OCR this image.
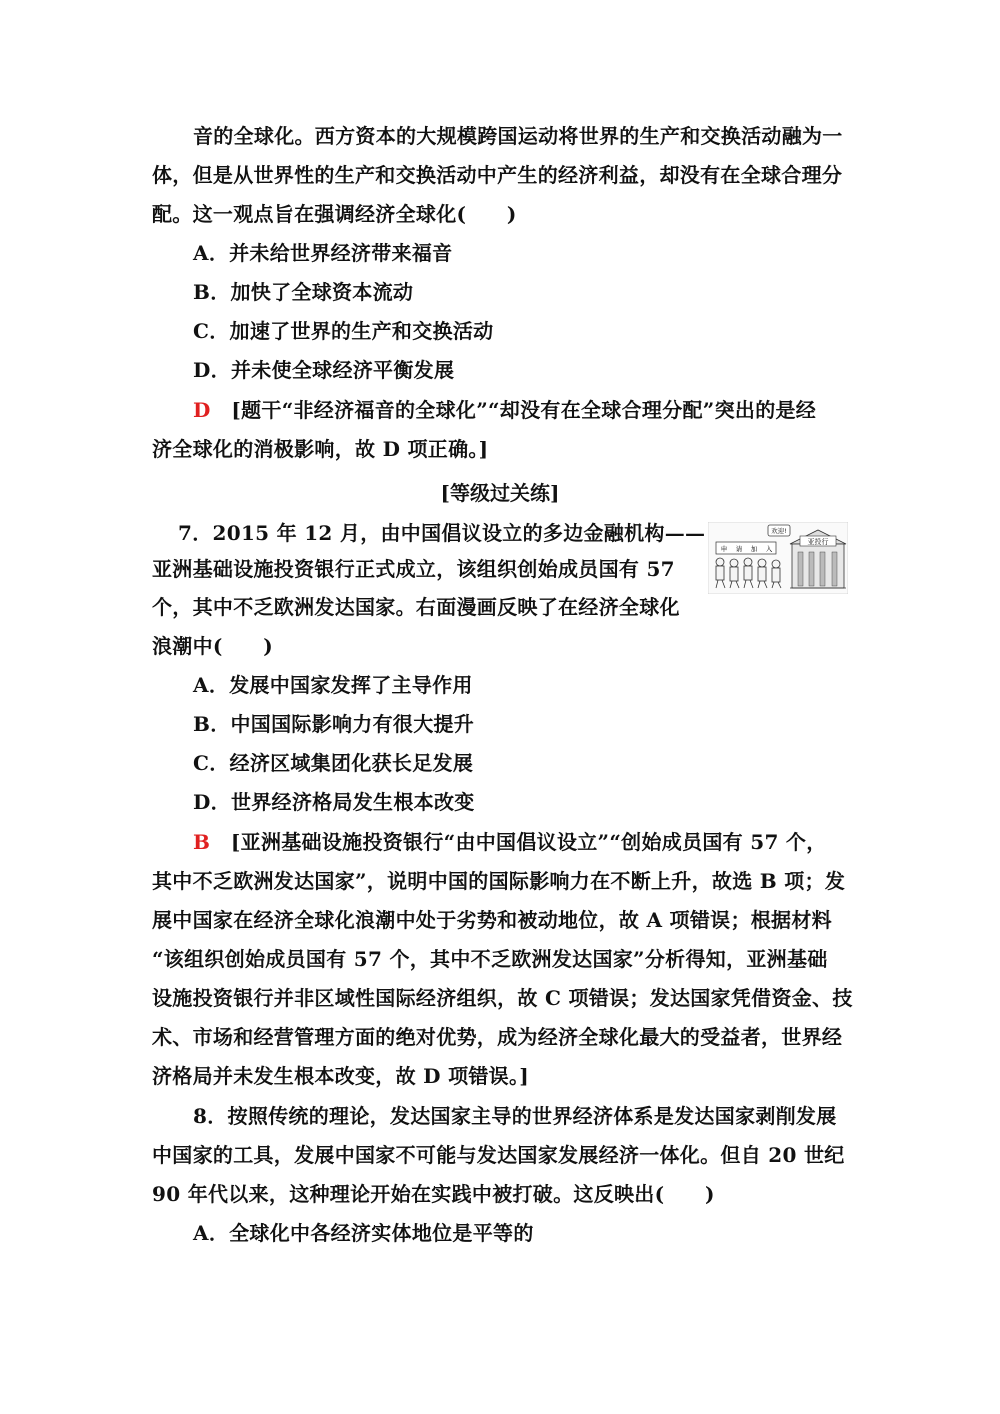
音的全球化。西方资本的大规模跨国运动将世界的生产和交换活动融为一
体，但是从世界性的生产和交换活动中产生的经济利益，却没有在全球合理分
配。这一观点旨在强调经济全球化(　　)
A．并未给世界经济带来福音
B．加快了全球资本流动
C．加速了世界的生产和交换活动
D．并未使全球经济平衡发展
D [题干“非经济福音的全球化”“却没有在全球合理分配”突出的是经
济全球化的消极影响，故 D 项正确。]
[等级过关练]
7．2015 年 12 月，由中国倡议设立的多边金融机构——
亚洲基础设施投资银行正式成立，该组织创始成员国有 57
个，其中不乏欧洲发达国家。右面漫画反映了在经济全球化
浪潮中(　　)
欢迎!
亚投行
申 请 加 入
A．发展中国家发挥了主导作用
B．中国国际影响力有很大提升
C．经济区域集团化获长足发展
D．世界经济格局发生根本改变
B [亚洲基础设施投资银行“由中国倡议设立”“创始成员国有 57 个，
其中不乏欧洲发达国家”，说明中国的国际影响力在不断上升，故选 B 项；发
展中国家在经济全球化浪潮中处于劣势和被动地位，故 A 项错误；根据材料
“该组织创始成员国有 57 个，其中不乏欧洲发达国家”分析得知，亚洲基础
设施投资银行并非区域性国际经济组织，故 C 项错误；发达国家凭借资金、技
术、市场和经营管理方面的绝对优势，成为经济全球化最大的受益者，世界经
济格局并未发生根本改变，故 D 项错误。]
8．按照传统的理论，发达国家主导的世界经济体系是发达国家剥削发展
中国家的工具，发展中国家不可能与发达国家发展经济一体化。但自 20 世纪
90 年代以来，这种理论开始在实践中被打破。这反映出(　　)
A．全球化中各经济实体地位是平等的
